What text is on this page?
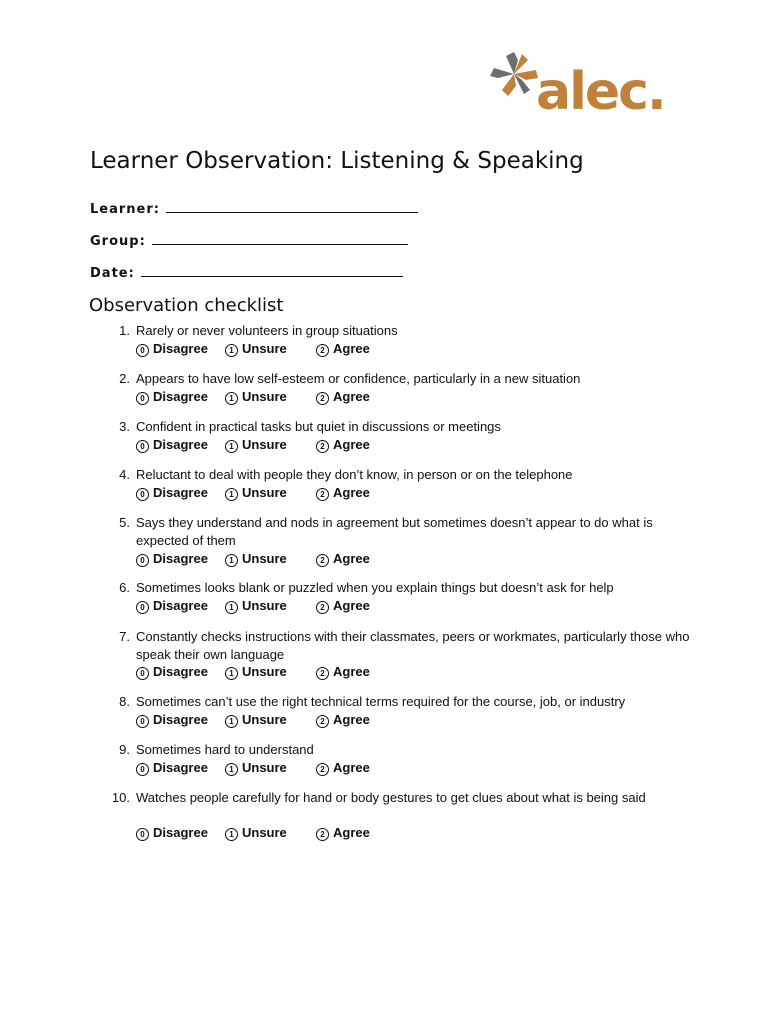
alec.
Learner Observation: Listening & Speaking
Learner:
Group:
Date:
Observation checklist
1. Rarely or never volunteers in group situations
0 Disagree	1 Unsure	2 Agree
2. Appears to have low self-esteem or confidence, particularly in a new situation
0 Disagree	1 Unsure	2 Agree
3. Confident in practical tasks but quiet in discussions or meetings
0 Disagree	1 Unsure	2 Agree
4. Reluctant to deal with people they don’t know, in person or on the telephone
0 Disagree	1 Unsure	2 Agree
5. Says they understand and nods in agreement but sometimes doesn’t appear to do what is expected of them
0 Disagree	1 Unsure	2 Agree
6. Sometimes looks blank or puzzled when you explain things but doesn’t ask for help
0 Disagree	1 Unsure	2 Agree
7. Constantly checks instructions with their classmates, peers or workmates, particularly those who speak their own language
0 Disagree	1 Unsure	2 Agree
8. Sometimes can’t use the right technical terms required for the course, job, or industry
0 Disagree	1 Unsure	2 Agree
9. Sometimes hard to understand
0 Disagree	1 Unsure	2 Agree
10. Watches people carefully for hand or body gestures to get clues about what is being said
0 Disagree	1 Unsure	2 Agree
